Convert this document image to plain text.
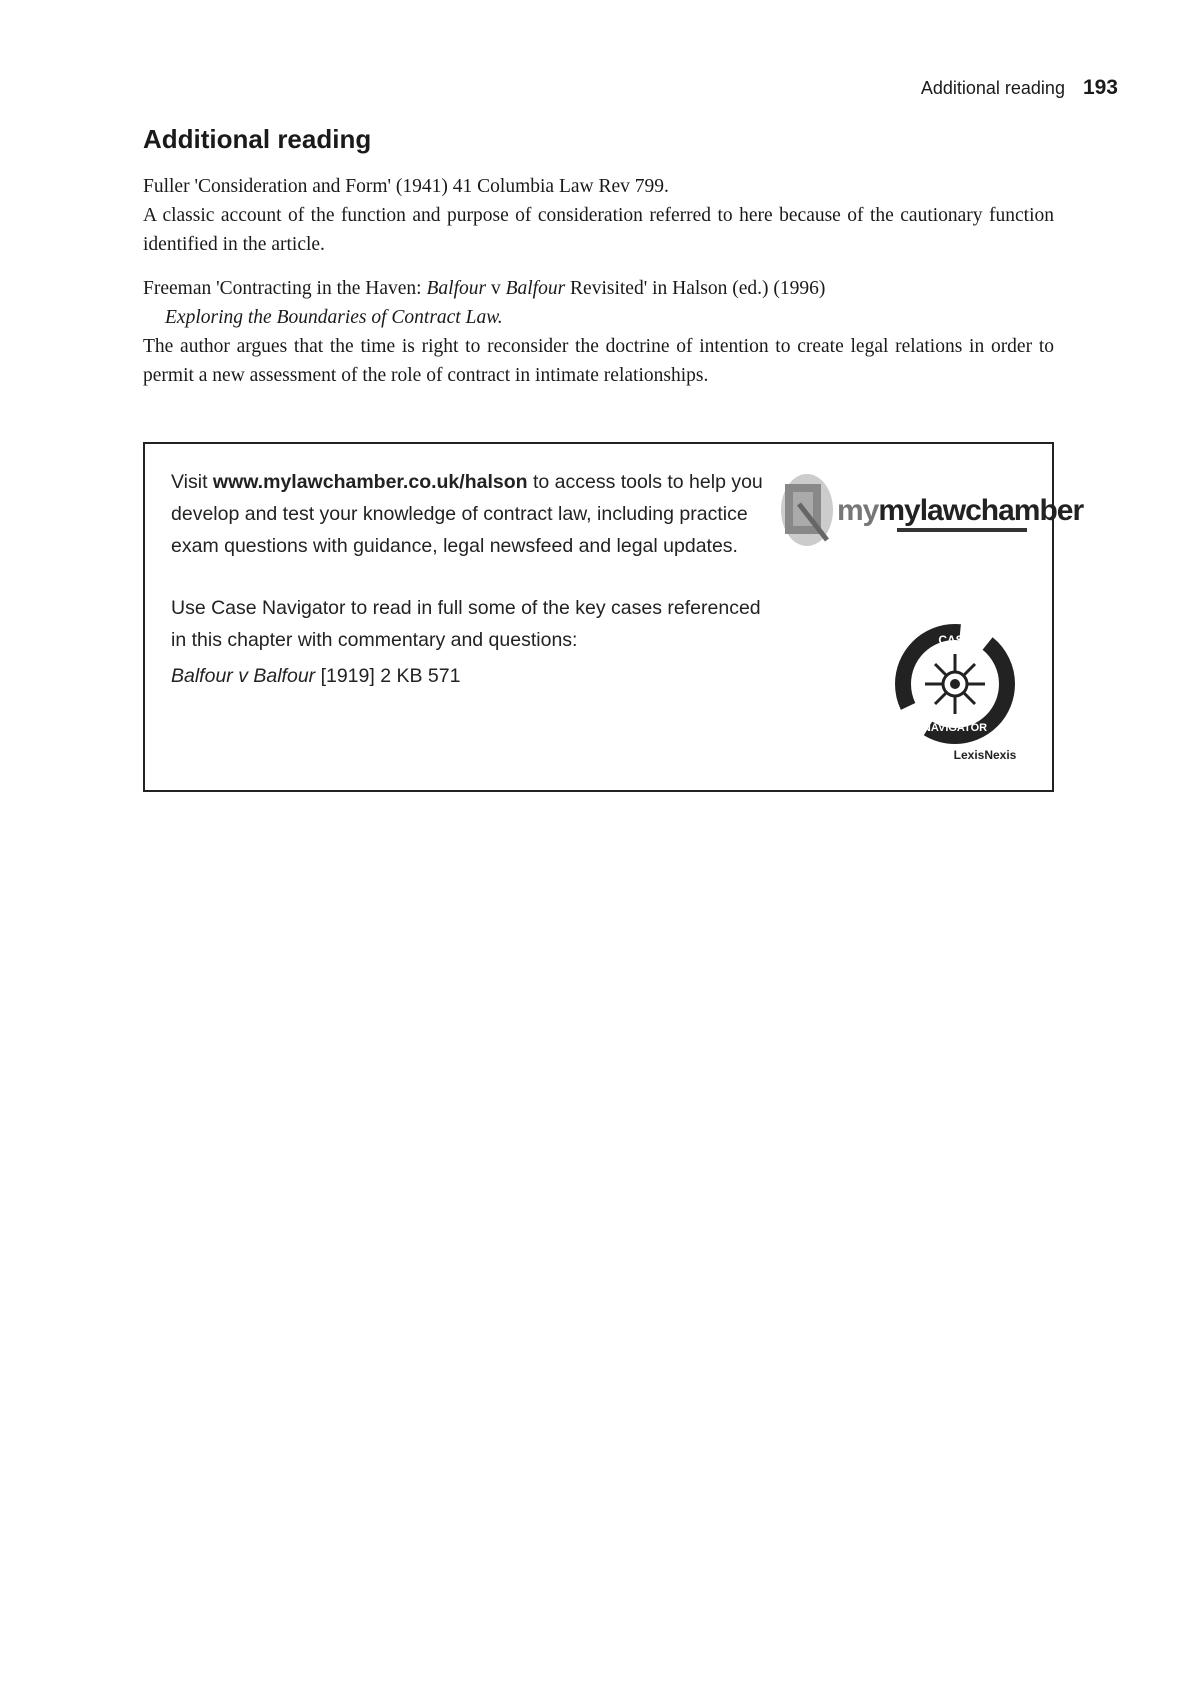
Additional reading 193
Additional reading
Fuller 'Consideration and Form' (1941) 41 Columbia Law Rev 799.
A classic account of the function and purpose of consideration referred to here because of the cautionary function identified in the article.
Freeman 'Contracting in the Haven: Balfour v Balfour Revisited' in Halson (ed.) (1996)
Exploring the Boundaries of Contract Law.
The author argues that the time is right to reconsider the doctrine of intention to create legal relations in order to permit a new assessment of the role of contract in intimate relationships.

Visit www.mylawchamber.co.uk/halson to access tools to help you develop and test your knowledge of contract law, including practice exam questions with guidance, legal newsfeed and legal updates.

Use Case Navigator to read in full some of the key cases referenced in this chapter with commentary and questions:

Balfour v Balfour [1919] 2 KB 571

mymylawchamber
CASE
NAVIGATOR
LexisNexis
